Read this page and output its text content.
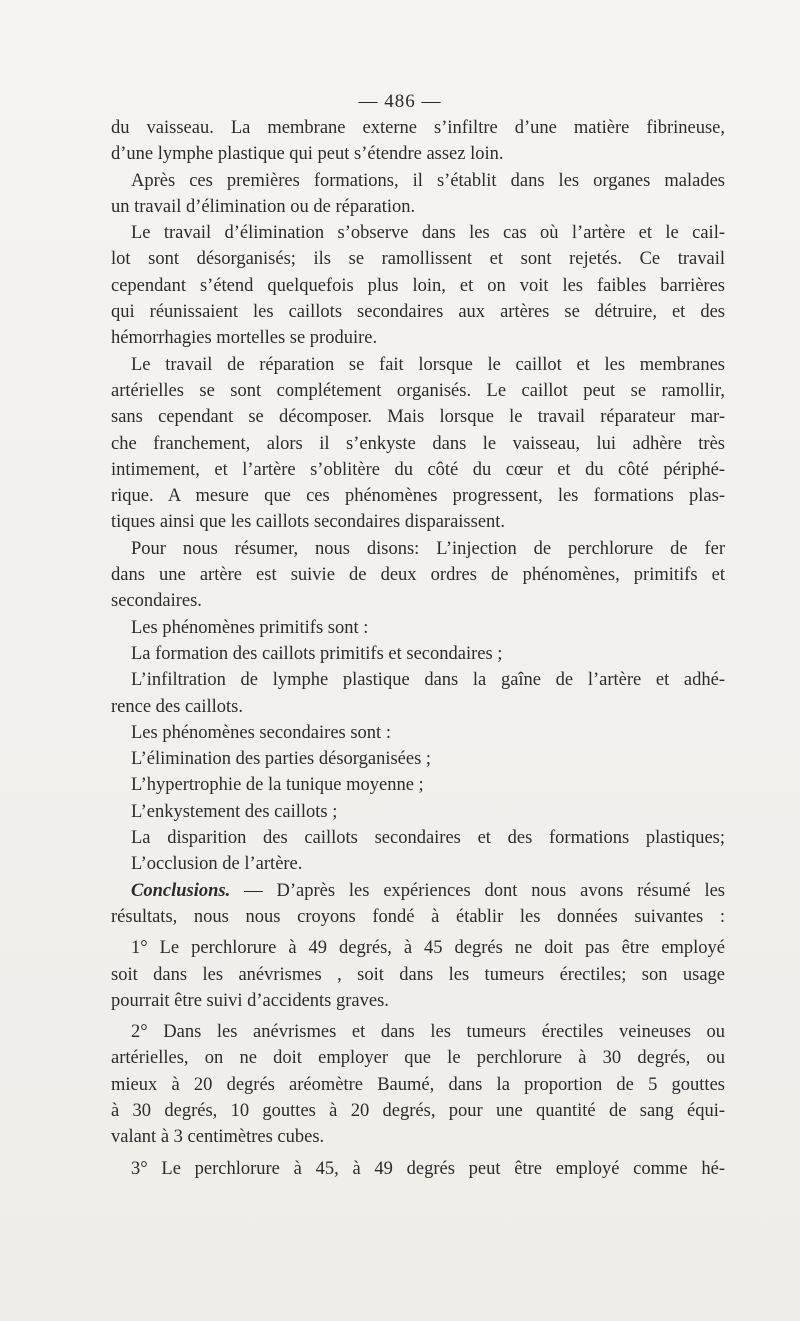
— 486 —
du vaisseau. La membrane externe s’infiltre d’une matière fibrineuse,
d’une lymphe plastique qui peut s’étendre assez loin.
Après ces premières formations, il s’établit dans les organes malades
un travail d’élimination ou de réparation.
Le travail d’élimination s’observe dans les cas où l’artère et le cail-
lot sont désorganisés; ils se ramollissent et sont rejetés. Ce travail
cependant s’étend quelquefois plus loin, et on voit les faibles barrières
qui réunissaient les caillots secondaires aux artères se détruire, et des
hémorrhagies mortelles se produire.
Le travail de réparation se fait lorsque le caillot et les membranes
artérielles se sont complétement organisés. Le caillot peut se ramollir,
sans cependant se décomposer. Mais lorsque le travail réparateur mar-
che franchement, alors il s’enkyste dans le vaisseau, lui adhère très
intimement, et l’artère s’oblitère du côté du cœur et du côté périphé-
rique. A mesure que ces phénomènes progressent, les formations plas-
tiques ainsi que les caillots secondaires disparaissent.
Pour nous résumer, nous disons: L’injection de perchlorure de fer
dans une artère est suivie de deux ordres de phénomènes, primitifs et
secondaires.
Les phénomènes primitifs sont :
La formation des caillots primitifs et secondaires ;
L’infiltration de lymphe plastique dans la gaîne de l’artère et adhé-
rence des caillots.
Les phénomènes secondaires sont :
L’élimination des parties désorganisées ;
L’hypertrophie de la tunique moyenne ;
L’enkystement des caillots ;
La disparition des caillots secondaires et des formations plastiques;
L’occlusion de l’artère.
Conclusions. — D’après les expériences dont nous avons résumé les
résultats, nous nous croyons fondé à établir les données suivantes :
1° Le perchlorure à 49 degrés, à 45 degrés ne doit pas être employé
soit dans les anévrismes , soit dans les tumeurs érectiles; son usage
pourrait être suivi d’accidents graves.
2° Dans les anévrismes et dans les tumeurs érectiles veineuses ou
artérielles, on ne doit employer que le perchlorure à 30 degrés, ou
mieux à 20 degrés aréomètre Baumé, dans la proportion de 5 gouttes
à 30 degrés, 10 gouttes à 20 degrés, pour une quantité de sang équi-
valant à 3 centimètres cubes.
3° Le perchlorure à 45, à 49 degrés peut être employé comme hé-
